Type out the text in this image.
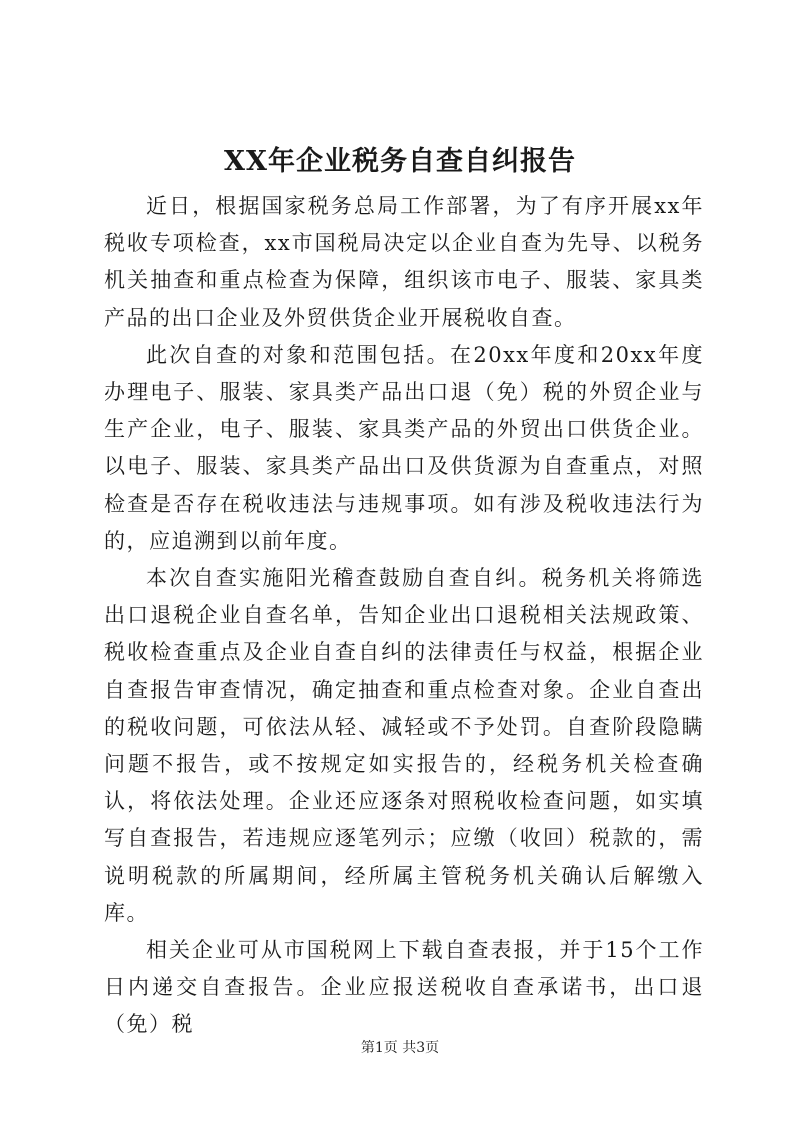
XX年企业税务自查自纠报告

近日，根据国家税务总局工作部署，为了有序开展xx年税收专项检查，xx市国税局决定以企业自查为先导、以税务机关抽查和重点检查为保障，组织该市电子、服装、家具类产品的出口企业及外贸供货企业开展税收自查。

此次自查的对象和范围包括。在20xx年度和20xx年度办理电子、服装、家具类产品出口退（免）税的外贸企业与生产企业，电子、服装、家具类产品的外贸出口供货企业。以电子、服装、家具类产品出口及供货源为自查重点，对照检查是否存在税收违法与违规事项。如有涉及税收违法行为的，应追溯到以前年度。

本次自查实施阳光稽查鼓励自查自纠。税务机关将筛选出口退税企业自查名单，告知企业出口退税相关法规政策、税收检查重点及企业自查自纠的法律责任与权益，根据企业自查报告审查情况，确定抽查和重点检查对象。企业自查出的税收问题，可依法从轻、减轻或不予处罚。自查阶段隐瞒问题不报告，或不按规定如实报告的，经税务机关检查确认，将依法处理。企业还应逐条对照税收检查问题，如实填写自查报告，若违规应逐笔列示；应缴（收回）税款的，需说明税款的所属期间，经所属主管税务机关确认后解缴入库。

相关企业可从市国税网上下载自查表报，并于15个工作日内递交自查报告。企业应报送税收自查承诺书，出口退（免）税

第1页 共3页
